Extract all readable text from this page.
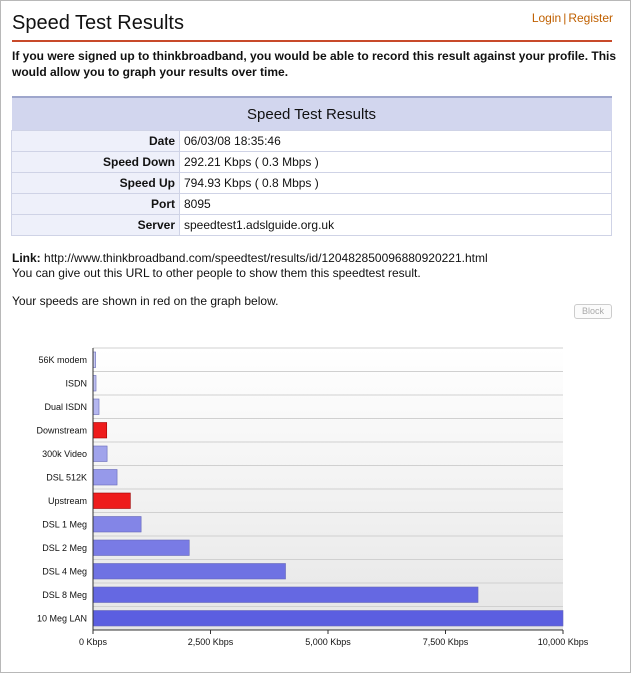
Speed Test Results	Login | Register
If you were signed up to thinkbroadband, you would be able to record this result against your profile. This would allow you to graph your results over time.
Speed Test Results	
Date	06/03/08 18:35:46
Speed Down	292.21 Kbps ( 0.3 Mbps )
Speed Up	794.93 Kbps ( 0.8 Mbps )
Port	8095
Server	speedtest1.adslguide.org.uk
Link: http://www.thinkbroadband.com/speedtest/results/id/120482850096880920221.html
You can give out this URL to other people to show them this speedtest result.
Your speeds are shown in red on the graph below.
Block
56K modem
ISDN
Dual ISDN
Downstream
300k Video
DSL 512K
Upstream
DSL 1 Meg
DSL 2 Meg
DSL 4 Meg
DSL 8 Meg
10 Meg LAN
0 Kbps	2,500 Kbps	5,000 Kbps	7,500 Kbps	10,000 Kbps
